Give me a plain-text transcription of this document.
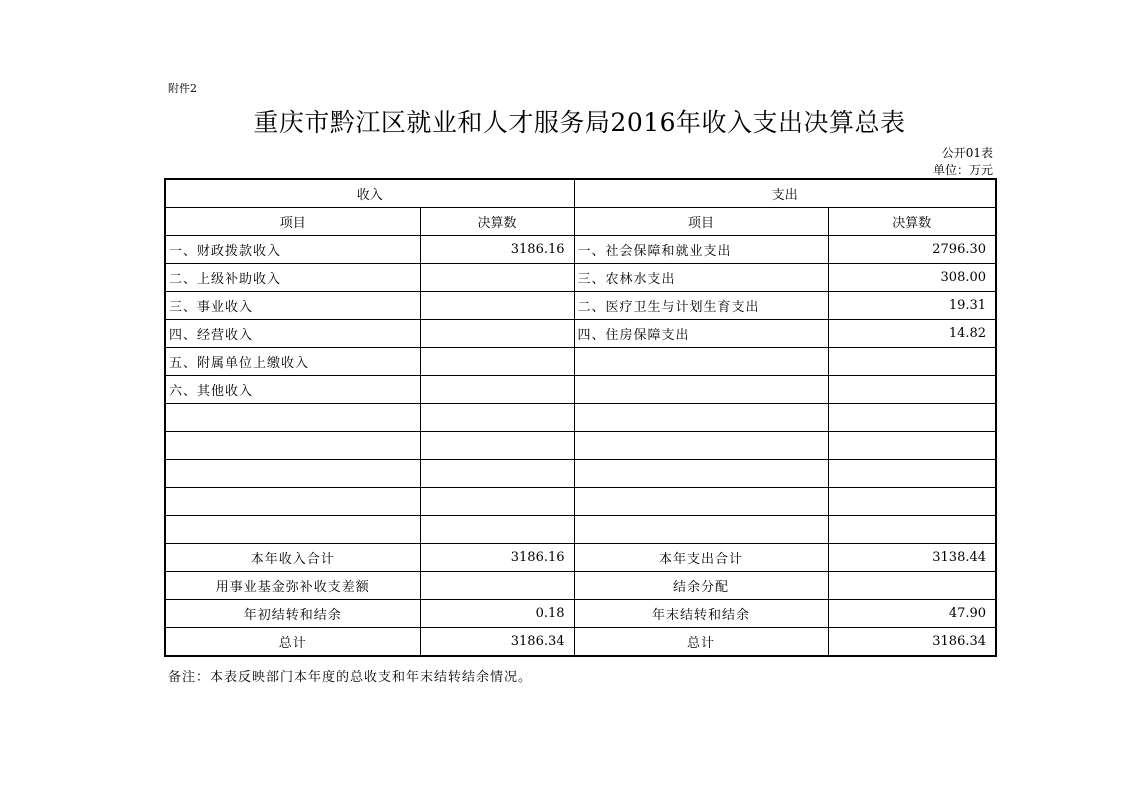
附件2
重庆市黔江区就业和人才服务局2016年收入支出决算总表
公开01表
单位：万元
收入		支出	
项目	决算数	项目	决算数
一、财政拨款收入	3186.16	一、社会保障和就业支出	2796.30
二、上级补助收入		三、农林水支出	308.00
三、事业收入		二、医疗卫生与计划生育支出	19.31
四、经营收入		四、住房保障支出	14.82
五、附属单位上缴收入			
六、其他收入			

本年收入合计	3186.16	本年支出合计	3138.44
用事业基金弥补收支差额		结余分配	
年初结转和结余	0.18	年末结转和结余	47.90
总计	3186.34	总计	3186.34
备注：本表反映部门本年度的总收支和年末结转结余情况。
